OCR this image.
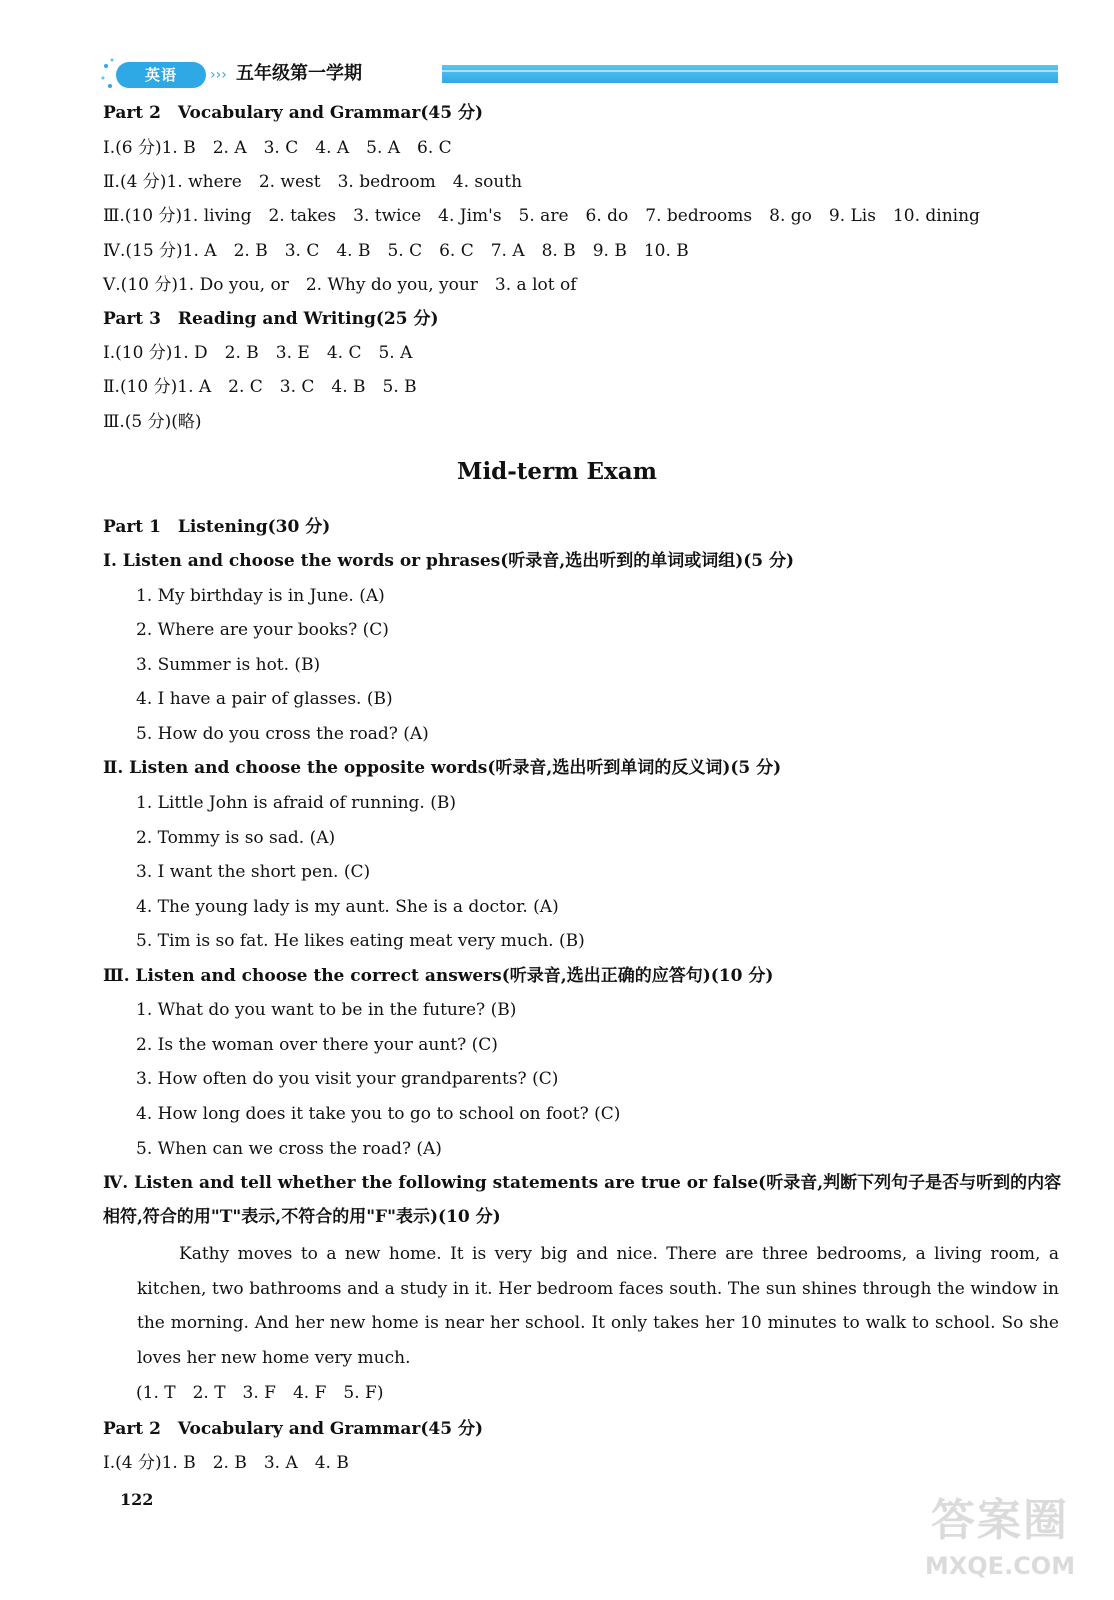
英语	››› 五年级第一学期
Part 2　Vocabulary and Grammar(45 分)
Ⅰ.(6 分)1. B　2. A　3. C　4. A　5. A　6. C
Ⅱ.(4 分)1. where　2. west　3. bedroom　4. south
Ⅲ.(10 分)1. living　2. takes　3. twice　4. Jim's　5. are　6. do　7. bedrooms　8. go　9. Lis　10. dining
Ⅳ.(15 分)1. A　2. B　3. C　4. B　5. C　6. C　7. A　8. B　9. B　10. B
Ⅴ.(10 分)1. Do you, or　2. Why do you, your　3. a lot of
Part 3　Reading and Writing(25 分)
Ⅰ.(10 分)1. D　2. B　3. E　4. C　5. A
Ⅱ.(10 分)1. A　2. C　3. C　4. B　5. B
Ⅲ.(5 分)(略)
Mid-term Exam
Part 1　Listening(30 分)
Ⅰ. Listen and choose the words or phrases(听录音,选出听到的单词或词组)(5 分)
1. My birthday is in June. (A)
2. Where are your books? (C)
3. Summer is hot. (B)
4. I have a pair of glasses. (B)
5. How do you cross the road? (A)
Ⅱ. Listen and choose the opposite words(听录音,选出听到单词的反义词)(5 分)
1. Little John is afraid of running. (B)
2. Tommy is so sad. (A)
3. I want the short pen. (C)
4. The young lady is my aunt. She is a doctor. (A)
5. Tim is so fat. He likes eating meat very much. (B)
Ⅲ. Listen and choose the correct answers(听录音,选出正确的应答句)(10 分)
1. What do you want to be in the future? (B)
2. Is the woman over there your aunt? (C)
3. How often do you visit your grandparents? (C)
4. How long does it take you to go to school on foot? (C)
5. When can we cross the road? (A)
Ⅳ. Listen and tell whether the following statements are true or false(听录音,判断下列句子是否与听到的内容相符,符合的用"T"表示,不符合的用"F"表示)(10 分)
Kathy moves to a new home. It is very big and nice. There are three bedrooms, a living room, a kitchen, two bathrooms and a study in it. Her bedroom faces south. The sun shines through the window in the morning. And her new home is near her school. It only takes her 10 minutes to walk to school. So she loves her new home very much.
(1. T　2. T　3. F　4. F　5. F)
Part 2　Vocabulary and Grammar(45 分)
Ⅰ.(4 分)1. B　2. B　3. A　4. B
122	答案圈
MXQE.COM
